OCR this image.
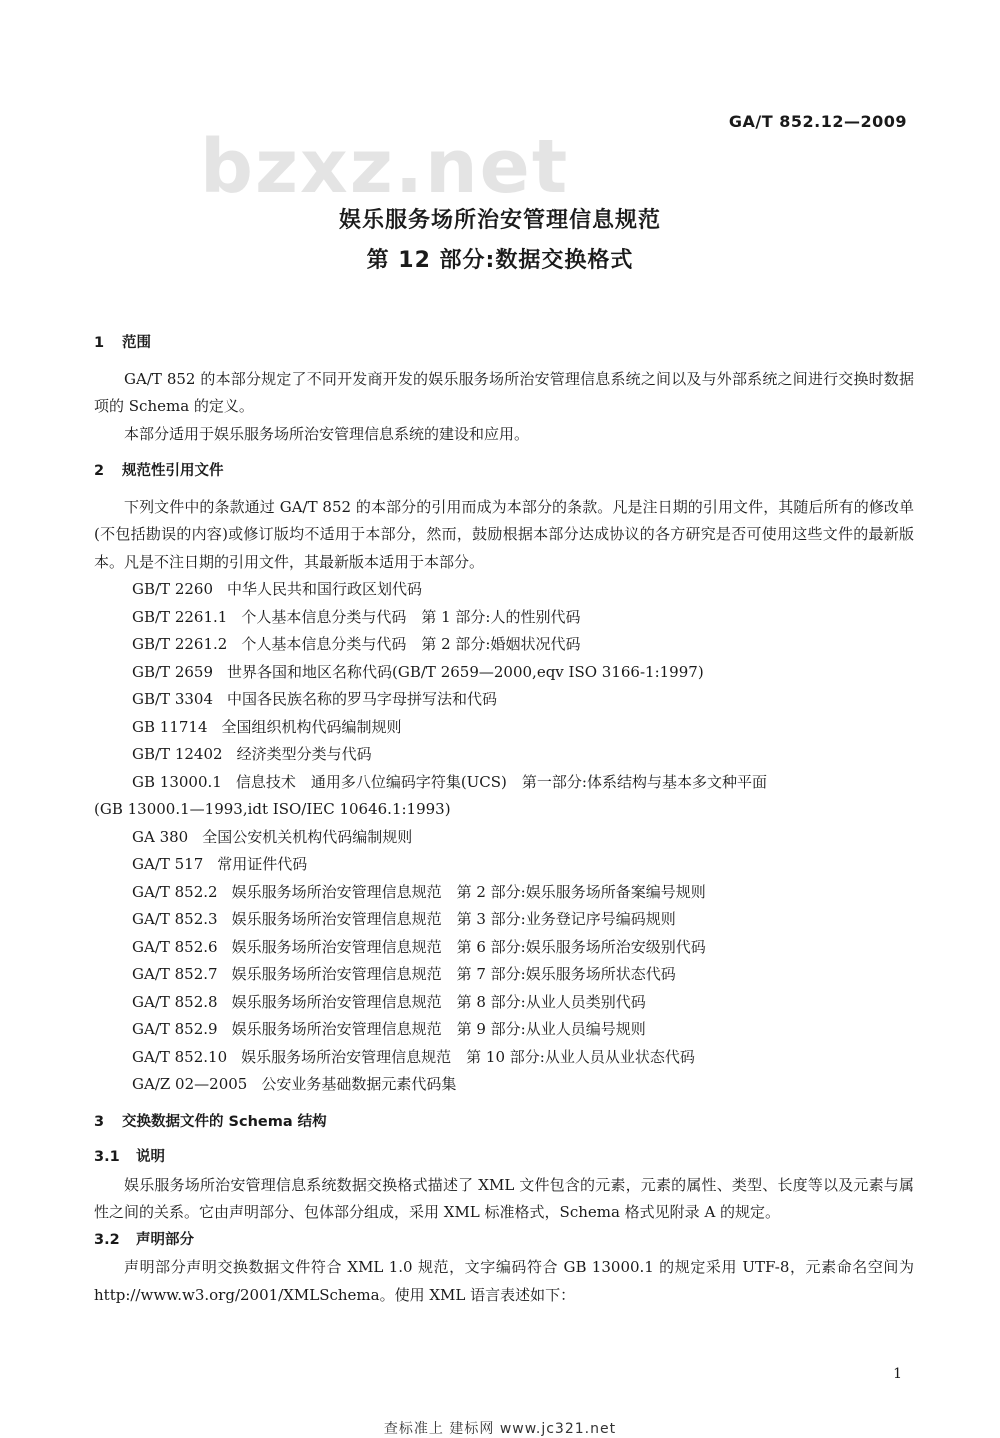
bzxz.net
GA/T 852.12—2009
娱乐服务场所治安管理信息规范
第 12 部分:数据交换格式
1 范围

GA/T 852 的本部分规定了不同开发商开发的娱乐服务场所治安管理信息系统之间以及与外部系统之间进行交换时数据项的 Schema 的定义。

本部分适用于娱乐服务场所治安管理信息系统的建设和应用。

2 规范性引用文件

下列文件中的条款通过 GA/T 852 的本部分的引用而成为本部分的条款。凡是注日期的引用文件，其随后所有的修改单(不包括勘误的内容)或修订版均不适用于本部分，然而，鼓励根据本部分达成协议的各方研究是否可使用这些文件的最新版本。凡是不注日期的引用文件，其最新版本适用于本部分。

GB/T 2260 中华人民共和国行政区划代码
GB/T 2261.1 个人基本信息分类与代码　第 1 部分:人的性别代码
GB/T 2261.2 个人基本信息分类与代码　第 2 部分:婚姻状况代码
GB/T 2659 世界各国和地区名称代码(GB/T 2659—2000,eqv ISO 3166-1:1997)
GB/T 3304 中国各民族名称的罗马字母拼写法和代码
GB 11714 全国组织机构代码编制规则
GB/T 12402 经济类型分类与代码
GB 13000.1 信息技术　通用多八位编码字符集(UCS)　第一部分:体系结构与基本多文种平面
(GB 13000.1—1993,idt ISO/IEC 10646.1:1993)
GA 380 全国公安机关机构代码编制规则
GA/T 517 常用证件代码
GA/T 852.2 娱乐服务场所治安管理信息规范　第 2 部分:娱乐服务场所备案编号规则
GA/T 852.3 娱乐服务场所治安管理信息规范　第 3 部分:业务登记序号编码规则
GA/T 852.6 娱乐服务场所治安管理信息规范　第 6 部分:娱乐服务场所治安级别代码
GA/T 852.7 娱乐服务场所治安管理信息规范　第 7 部分:娱乐服务场所状态代码
GA/T 852.8 娱乐服务场所治安管理信息规范　第 8 部分:从业人员类别代码
GA/T 852.9 娱乐服务场所治安管理信息规范　第 9 部分:从业人员编号规则
GA/T 852.10 娱乐服务场所治安管理信息规范　第 10 部分:从业人员从业状态代码
GA/Z 02—2005 公安业务基础数据元素代码集
3 交换数据文件的 Schema 结构
3.1 说明

娱乐服务场所治安管理信息系统数据交换格式描述了 XML 文件包含的元素，元素的属性、类型、长度等以及元素与属性之间的关系。它由声明部分、包体部分组成，采用 XML 标准格式，Schema 格式见附录 A 的规定。

3.2 声明部分

声明部分声明交换数据文件符合 XML 1.0 规范，文字编码符合 GB 13000.1 的规定采用 UTF-8，元素命名空间为 http://www.w3.org/2001/XMLSchema。使用 XML 语言表述如下：

1
查标准上 建标网 www.jc321.net
